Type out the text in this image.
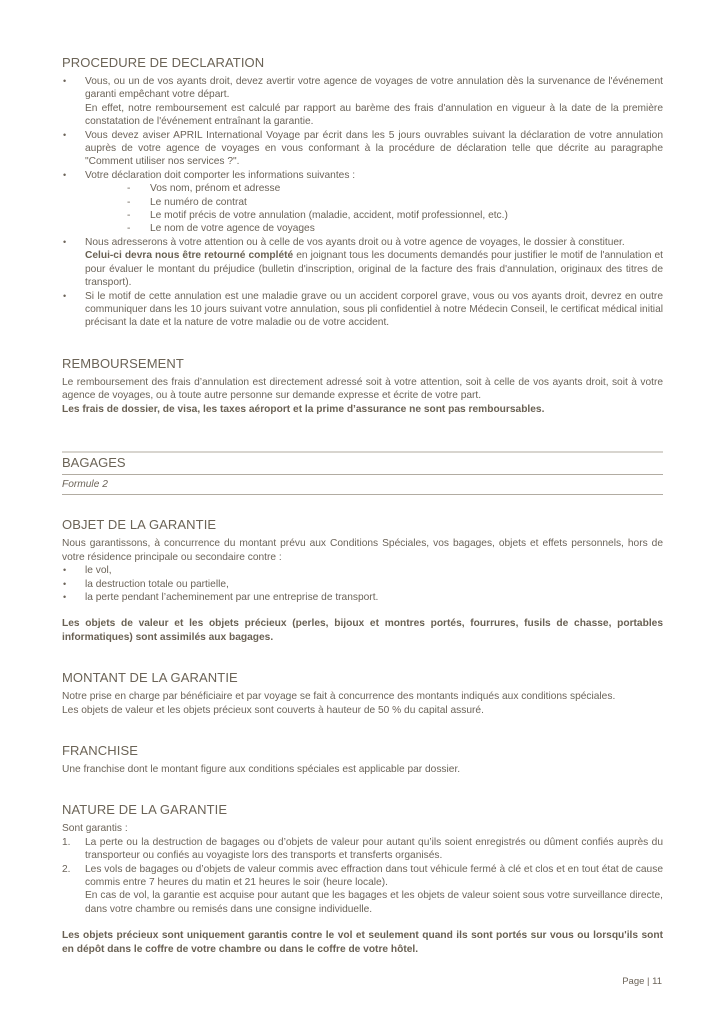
PROCEDURE DE DECLARATION

• Vous, ou un de vos ayants droit, devez avertir votre agence de voyages de votre annulation dès la survenance de l'événement garanti empêchant votre départ.

En effet, notre remboursement est calculé par rapport au barème des frais d'annulation en vigueur à la date de la première constatation de l'événement entraînant la garantie.

• Vous devez aviser APRIL International Voyage par écrit dans les 5 jours ouvrables suivant la déclaration de votre annulation auprès de votre agence de voyages en vous conformant à la procédure de déclaration telle que décrite au paragraphe "Comment utiliser nos services ?".

• Votre déclaration doit comporter les informations suivantes :

- Vos nom, prénom et adresse
- Le numéro de contrat
- Le motif précis de votre annulation (maladie, accident, motif professionnel, etc.)
- Le nom de votre agence de voyages

• Nous adresserons à votre attention ou à celle de vos ayants droit ou à votre agence de voyages, le dossier à constituer.

Celui-ci devra nous être retourné complété en joignant tous les documents demandés pour justifier le motif de l'annulation et pour évaluer le montant du préjudice (bulletin d'inscription, original de la facture des frais d'annulation, originaux des titres de transport).

• Si le motif de cette annulation est une maladie grave ou un accident corporel grave, vous ou vos ayants droit, devrez en outre communiquer dans les 10 jours suivant votre annulation, sous pli confidentiel à notre Médecin Conseil, le certificat médical initial précisant la date et la nature de votre maladie ou de votre accident.

REMBOURSEMENT

Le remboursement des frais d’annulation est directement adressé soit à votre attention, soit à celle de vos ayants droit, soit à votre agence de voyages, ou à toute autre personne sur demande expresse et écrite de votre part.

Les frais de dossier, de visa, les taxes aéroport et la prime d’assurance ne sont pas remboursables.

BAGAGES
Formule 2
OBJET DE LA GARANTIE

Nous garantissons, à concurrence du montant prévu aux Conditions Spéciales, vos bagages, objets et effets personnels, hors de votre résidence principale ou secondaire contre :

• le vol,
• la destruction totale ou partielle,
• la perte pendant l’acheminement par une entreprise de transport.

Les objets de valeur et les objets précieux (perles, bijoux et montres portés, fourrures, fusils de chasse, portables informatiques) sont assimilés aux bagages.

MONTANT DE LA GARANTIE

Notre prise en charge par bénéficiaire et par voyage se fait à concurrence des montants indiqués aux conditions spéciales.

Les objets de valeur et les objets précieux sont couverts à hauteur de 50 % du capital assuré.

FRANCHISE

Une franchise dont le montant figure aux conditions spéciales est applicable par dossier.

NATURE DE LA GARANTIE

Sont garantis :

1. La perte ou la destruction de bagages ou d’objets de valeur pour autant qu’ils soient enregistrés ou dûment confiés auprès du transporteur ou confiés au voyagiste lors des transports et transferts organisés.

2. Les vols de bagages ou d’objets de valeur commis avec effraction dans tout véhicule fermé à clé et clos et en tout état de cause commis entre 7 heures du matin et 21 heures le soir (heure locale).

En cas de vol, la garantie est acquise pour autant que les bagages et les objets de valeur soient sous votre surveillance directe, dans votre chambre ou remisés dans une consigne individuelle.

Les objets précieux sont uniquement garantis contre le vol et seulement quand ils sont portés sur vous ou lorsqu'ils sont en dépôt dans le coffre de votre chambre ou dans le coffre de votre hôtel.

Page | 11
